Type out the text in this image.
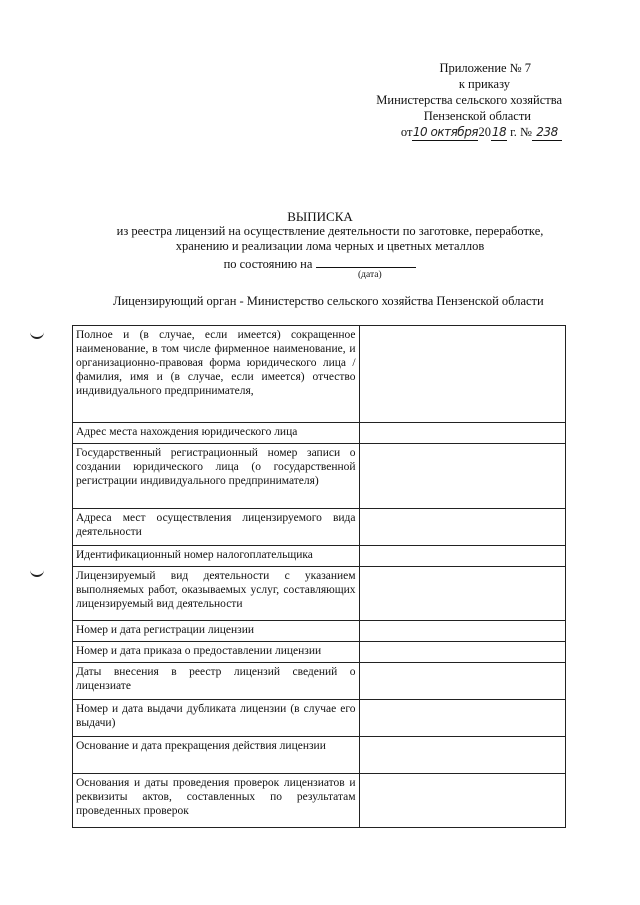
Приложение № 7
к приказу
Министерства сельского хозяйства
Пензенской области
от10 октября2018 г. № 238
ВЫПИСКА
из реестра лицензий на осуществление деятельности по заготовке, переработке,
хранению и реализации лома черных и цветных металлов
по состоянию на
(дата)
Лицензирующий орган - Министерство сельского хозяйства Пензенской области
Полное и (в случае, если имеется) сокращенное наименование, в том числе фирменное наименование, и организационно-правовая форма юридического лица / фамилия, имя и (в случае, если имеется) отчество индивидуального предпринимателя,	
Адрес места нахождения юридического лица	
Государственный регистрационный номер записи о создании юридического лица (о государственной регистрации индивидуального предпринимателя)	
Адреса мест осуществления лицензируемого вида деятельности	
Идентификационный номер налогоплательщика	
Лицензируемый вид деятельности с указанием выполняемых работ, оказываемых услуг, составляющих лицензируемый вид деятельности	
Номер и дата регистрации лицензии	
Номер и дата приказа о предоставлении лицензии	
Даты внесения в реестр лицензий сведений о лицензиате	
Номер и дата выдачи дубликата лицензии (в случае его выдачи)	
Основание и дата прекращения действия лицензии	
Основания и даты проведения проверок лицензиатов и реквизиты актов, составленных по результатам проведенных проверок	
